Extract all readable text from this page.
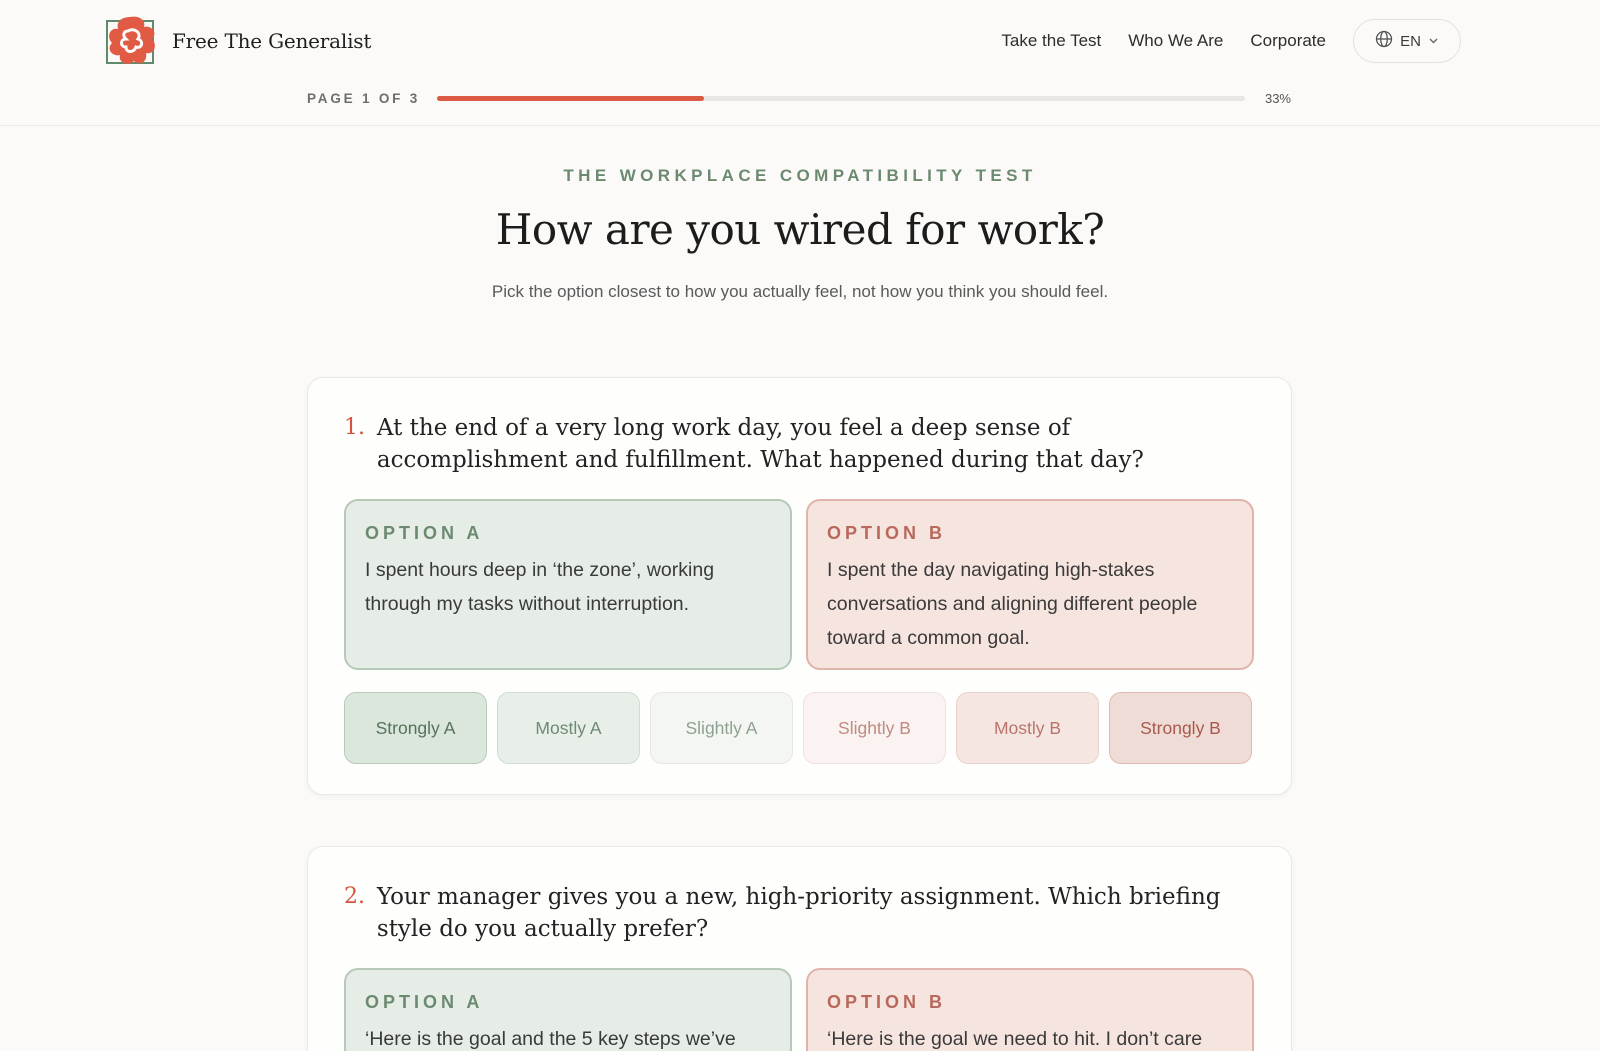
Free The Generalist	Take the Test Who We Are Corporate	EN
PAGE 1 OF 3	33%
THE WORKPLACE COMPATIBILITY TEST
How are you wired for work?

Pick the option closest to how you actually feel, not how you think you should feel.

1. At the end of a very long work day, you feel a deep sense of accomplishment and fulfillment. What happened during that day?
OPTION A
I spent hours deep in ‘the zone’, working through my tasks without interruption.
OPTION B
I spent the day navigating high-stakes conversations and aligning different people toward a common goal.
Strongly A	Mostly A	Slightly A	Slightly B	Mostly B	Strongly B
2. Your manager gives you a new, high-priority assignment. Which briefing style do you actually prefer?
OPTION A
‘Here is the goal and the 5 key steps we’ve
OPTION B
‘Here is the goal we need to hit. I don’t care
